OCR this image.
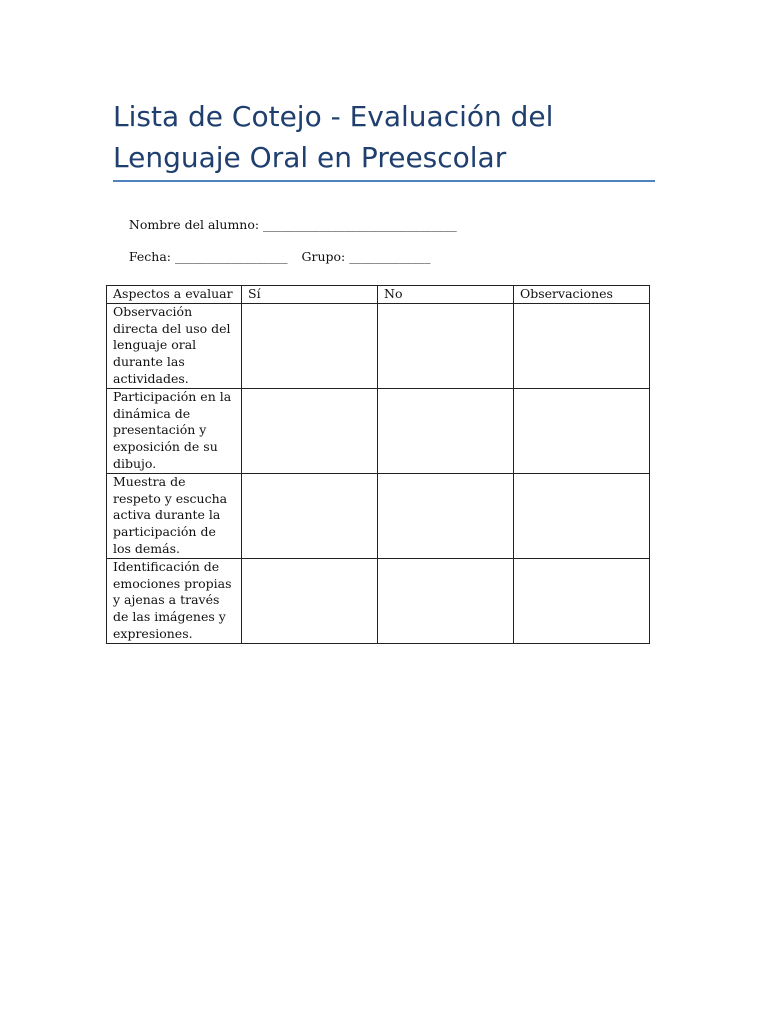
Lista de Cotejo - Evaluación del
Lenguaje Oral en Preescolar

Nombre del alumno: _______________________________

Fecha: __________________ Grupo: _____________

Aspectos a evaluar	Sí	No	Observaciones
Observación directa del uso del lenguaje oral durante las actividades.			
Participación en la dinámica de presentación y exposición de su dibujo.			
Muestra de respeto y escucha activa durante la participación de los demás.			
Identificación de emociones propias y ajenas a través de las imágenes y expresiones.			
